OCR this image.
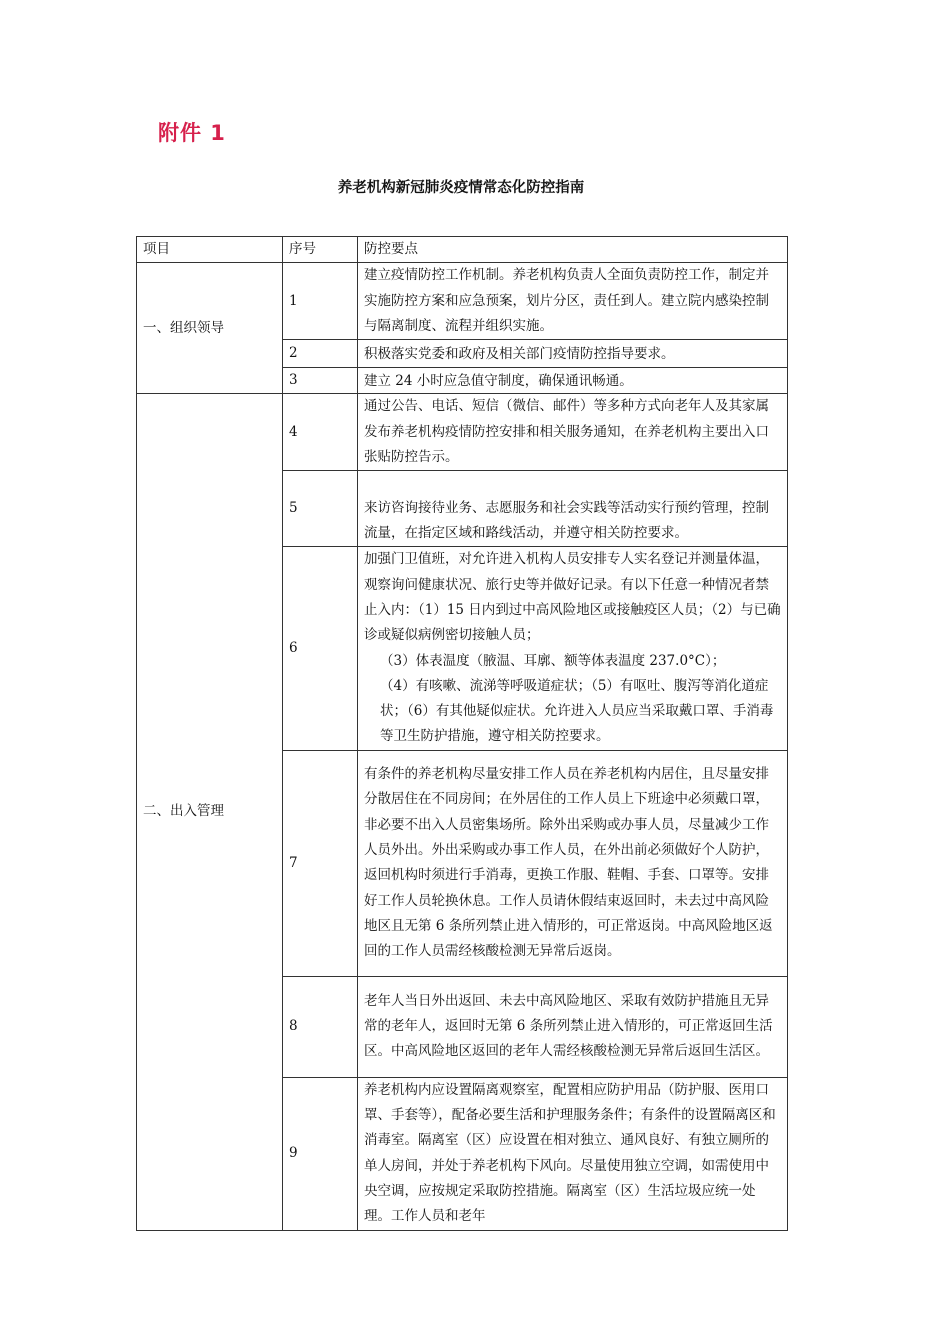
附件 1
养老机构新冠肺炎疫情常态化防控指南
项目	序号	防控要点
一、组织领导	1	建立疫情防控工作机制。养老机构负责人全面负责防控工作，制定并实施防控方案和应急预案，划片分区，责任到人。建立院内感染控制与隔离制度、流程并组织实施。
	2	积极落实党委和政府及相关部门疫情防控指导要求。
	3	建立 24 小时应急值守制度，确保通讯畅通。
二、出入管理	4	通过公告、电话、短信（微信、邮件）等多种方式向老年人及其家属发布养老机构疫情防控安排和相关服务通知，在养老机构主要出入口张贴防控告示。
	5	来访咨询接待业务、志愿服务和社会实践等活动实行预约管理，控制流量，在指定区域和路线活动，并遵守相关防控要求。
	6	加强门卫值班，对允许进入机构人员安排专人实名登记并测量体温，观察询问健康状况、旅行史等并做好记录。有以下任意一种情况者禁止入内：（1）15 日内到过中高风险地区或接触疫区人员；（2）与已确诊或疑似病例密切接触人员；
（3）体表温度（腋温、耳廓、额等体表温度 237.0°C）；
（4）有咳嗽、流涕等呼吸道症状；（5）有呕吐、腹泻等消化道症状；（6）有其他疑似症状。允许进入人员应当采取戴口罩、手消毒等卫生防护措施，遵守相关防控要求。

	7	有条件的养老机构尽量安排工作人员在养老机构内居住，且尽量安排分散居住在不同房间；在外居住的工作人员上下班途中必须戴口罩，非必要不出入人员密集场所。除外出采购或办事人员，尽量减少工作人员外出。外出采购或办事工作人员，在外出前必须做好个人防护，返回机构时须进行手消毒，更换工作服、鞋帽、手套、口罩等。安排好工作人员轮换休息。工作人员请休假结束返回时，未去过中高风险地区且无第 6 条所列禁止进入情形的，可正常返岗。中高风险地区返回的工作人员需经核酸检测无异常后返岗。
	8	老年人当日外出返回、未去中高风险地区、采取有效防护措施且无异常的老年人，返回时无第 6 条所列禁止进入情形的，可正常返回生活区。中高风险地区返回的老年人需经核酸检测无异常后返回生活区。
	9	养老机构内应设置隔离观察室，配置相应防护用品（防护服、医用口罩、手套等），配备必要生活和护理服务条件；有条件的设置隔离区和消毒室。隔离室（区）应设置在相对独立、通风良好、有独立厕所的单人房间，并处于养老机构下风向。尽量使用独立空调，如需使用中央空调，应按规定采取防控措施。隔离室（区）生活垃圾应统一处理。工作人员和老年
